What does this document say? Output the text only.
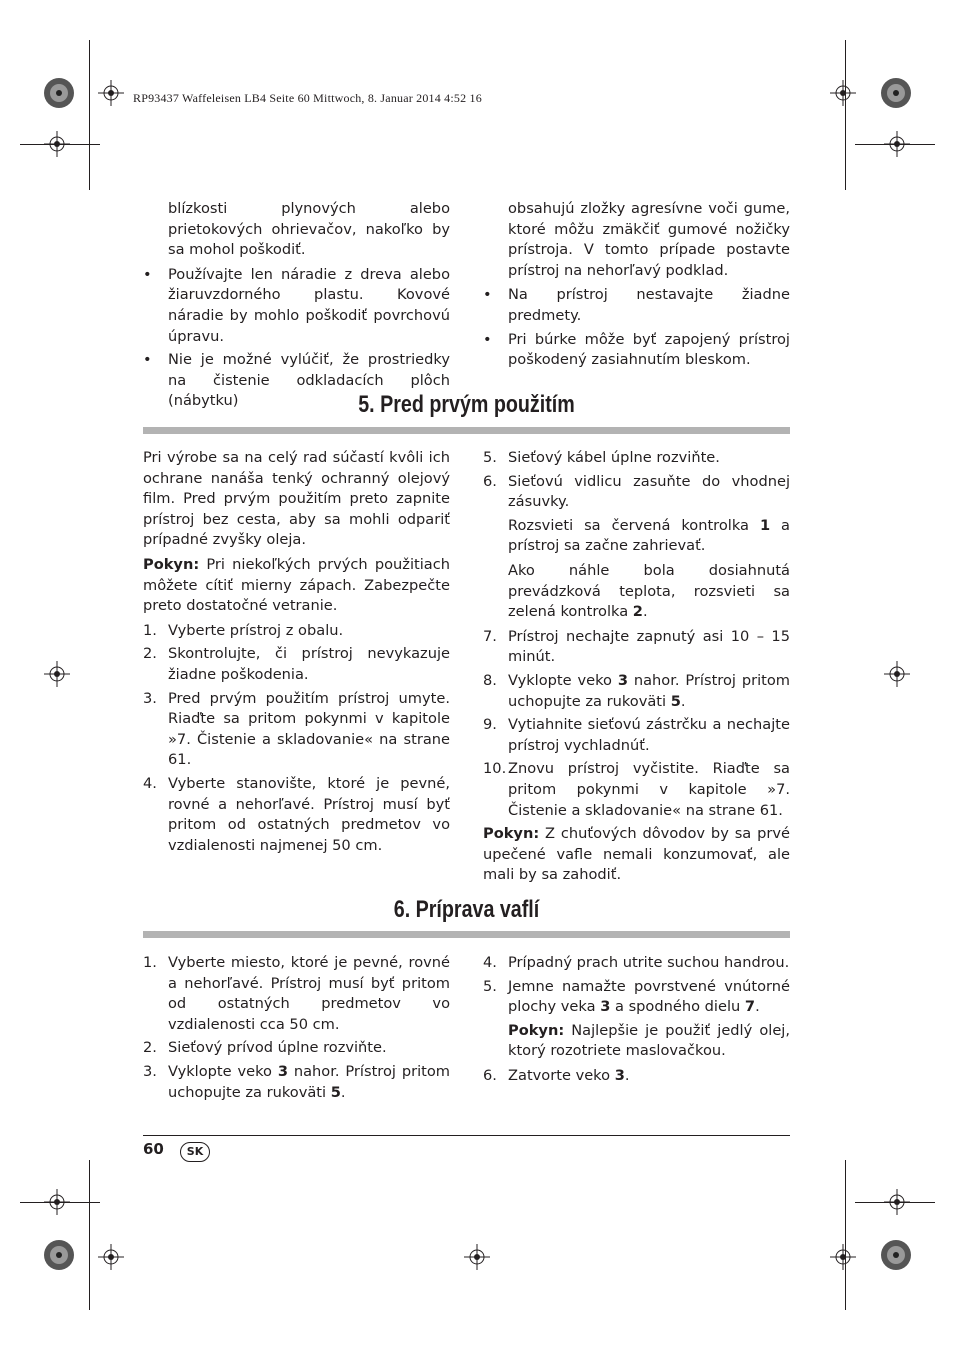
RP93437 Waffeleisen LB4 Seite 60 Mittwoch, 8. Januar 2014 4:52 16

blízkosti plynových alebo prietokových ohrievačov, nakoľko by sa mohol poškodiť.

• Používajte len náradie z dreva alebo žiaruvzdorného plastu. Kovové náradie by mohlo poškodiť povrchovú úpravu.
• Nie je možné vylúčiť, že prostriedky na čistenie odkladacích plôch (nábytku)

obsahujú zložky agresívne voči gume, ktoré môžu zmäkčiť gumové nožičky prístroja. V tomto prípade postavte prístroj na nehorľavý podklad.

• Na prístroj nestavajte žiadne predmety.
• Pri búrke môže byť zapojený prístroj poškodený zasiahnutím bleskom.
5. Pred prvým použitím

Pri výrobe sa na celý rad súčastí kvôli ich ochrane nanáša tenký ochranný olejový film. Pred prvým použitím preto zapnite prístroj bez cesta, aby sa mohli odpariť prípadné zvyšky oleja.

Pokyn: Pri niekoľkých prvých použitiach môžete cítiť mierny zápach. Zabezpečte preto dostatočné vetranie.

1. Vyberte prístroj z obalu.
2. Skontrolujte, či prístroj nevykazuje žiadne poškodenia.
3. Pred prvým použitím prístroj umyte. Riaďte sa pritom pokynmi v kapitole »7. Čistenie a skladovanie« na strane 61.
4. Vyberte stanovište, ktoré je pevné, rovné a nehorľavé. Prístroj musí byť pritom od ostatných predmetov vo vzdialenosti najmenej 50 cm.
5. Sieťový kábel úplne rozviňte.
6. Sieťovú vidlicu zasuňte do vhodnej zásuvky.

Rozsvieti sa červená kontrolka 1 a prístroj sa začne zahrievať.

Ako náhle bola dosiahnutá prevádzková teplota, rozsvieti sa zelená kontrolka 2.

7. Prístroj nechajte zapnutý asi 10 – 15 minút.
8. Vyklopte veko 3 nahor. Prístroj pritom uchopujte za rukoväti 5.
9. Vytiahnite sieťovú zástrčku a nechajte prístroj vychladnúť.
10. Znovu prístroj vyčistite. Riaďte sa pritom pokynmi v kapitole »7. Čistenie a skladovanie« na strane 61.

Pokyn: Z chuťových dôvodov by sa prvé upečené vafle nemali konzumovať, ale mali by sa zahodiť.

6. Príprava vaflí
1. Vyberte miesto, ktoré je pevné, rovné a nehorľavé. Prístroj musí byť pritom od ostatných predmetov vo vzdialenosti cca 50 cm.
2. Sieťový prívod úplne rozviňte.
3. Vyklopte veko 3 nahor. Prístroj pritom uchopujte za rukoväti 5.
4. Prípadný prach utrite suchou handrou.
5. Jemne namažte povrstvené vnútorné plochy veka 3 a spodného dielu 7.

Pokyn: Najlepšie je použiť jedlý olej, ktorý rozotriete maslovačkou.

6. Zatvorte veko 3.
60	SK
